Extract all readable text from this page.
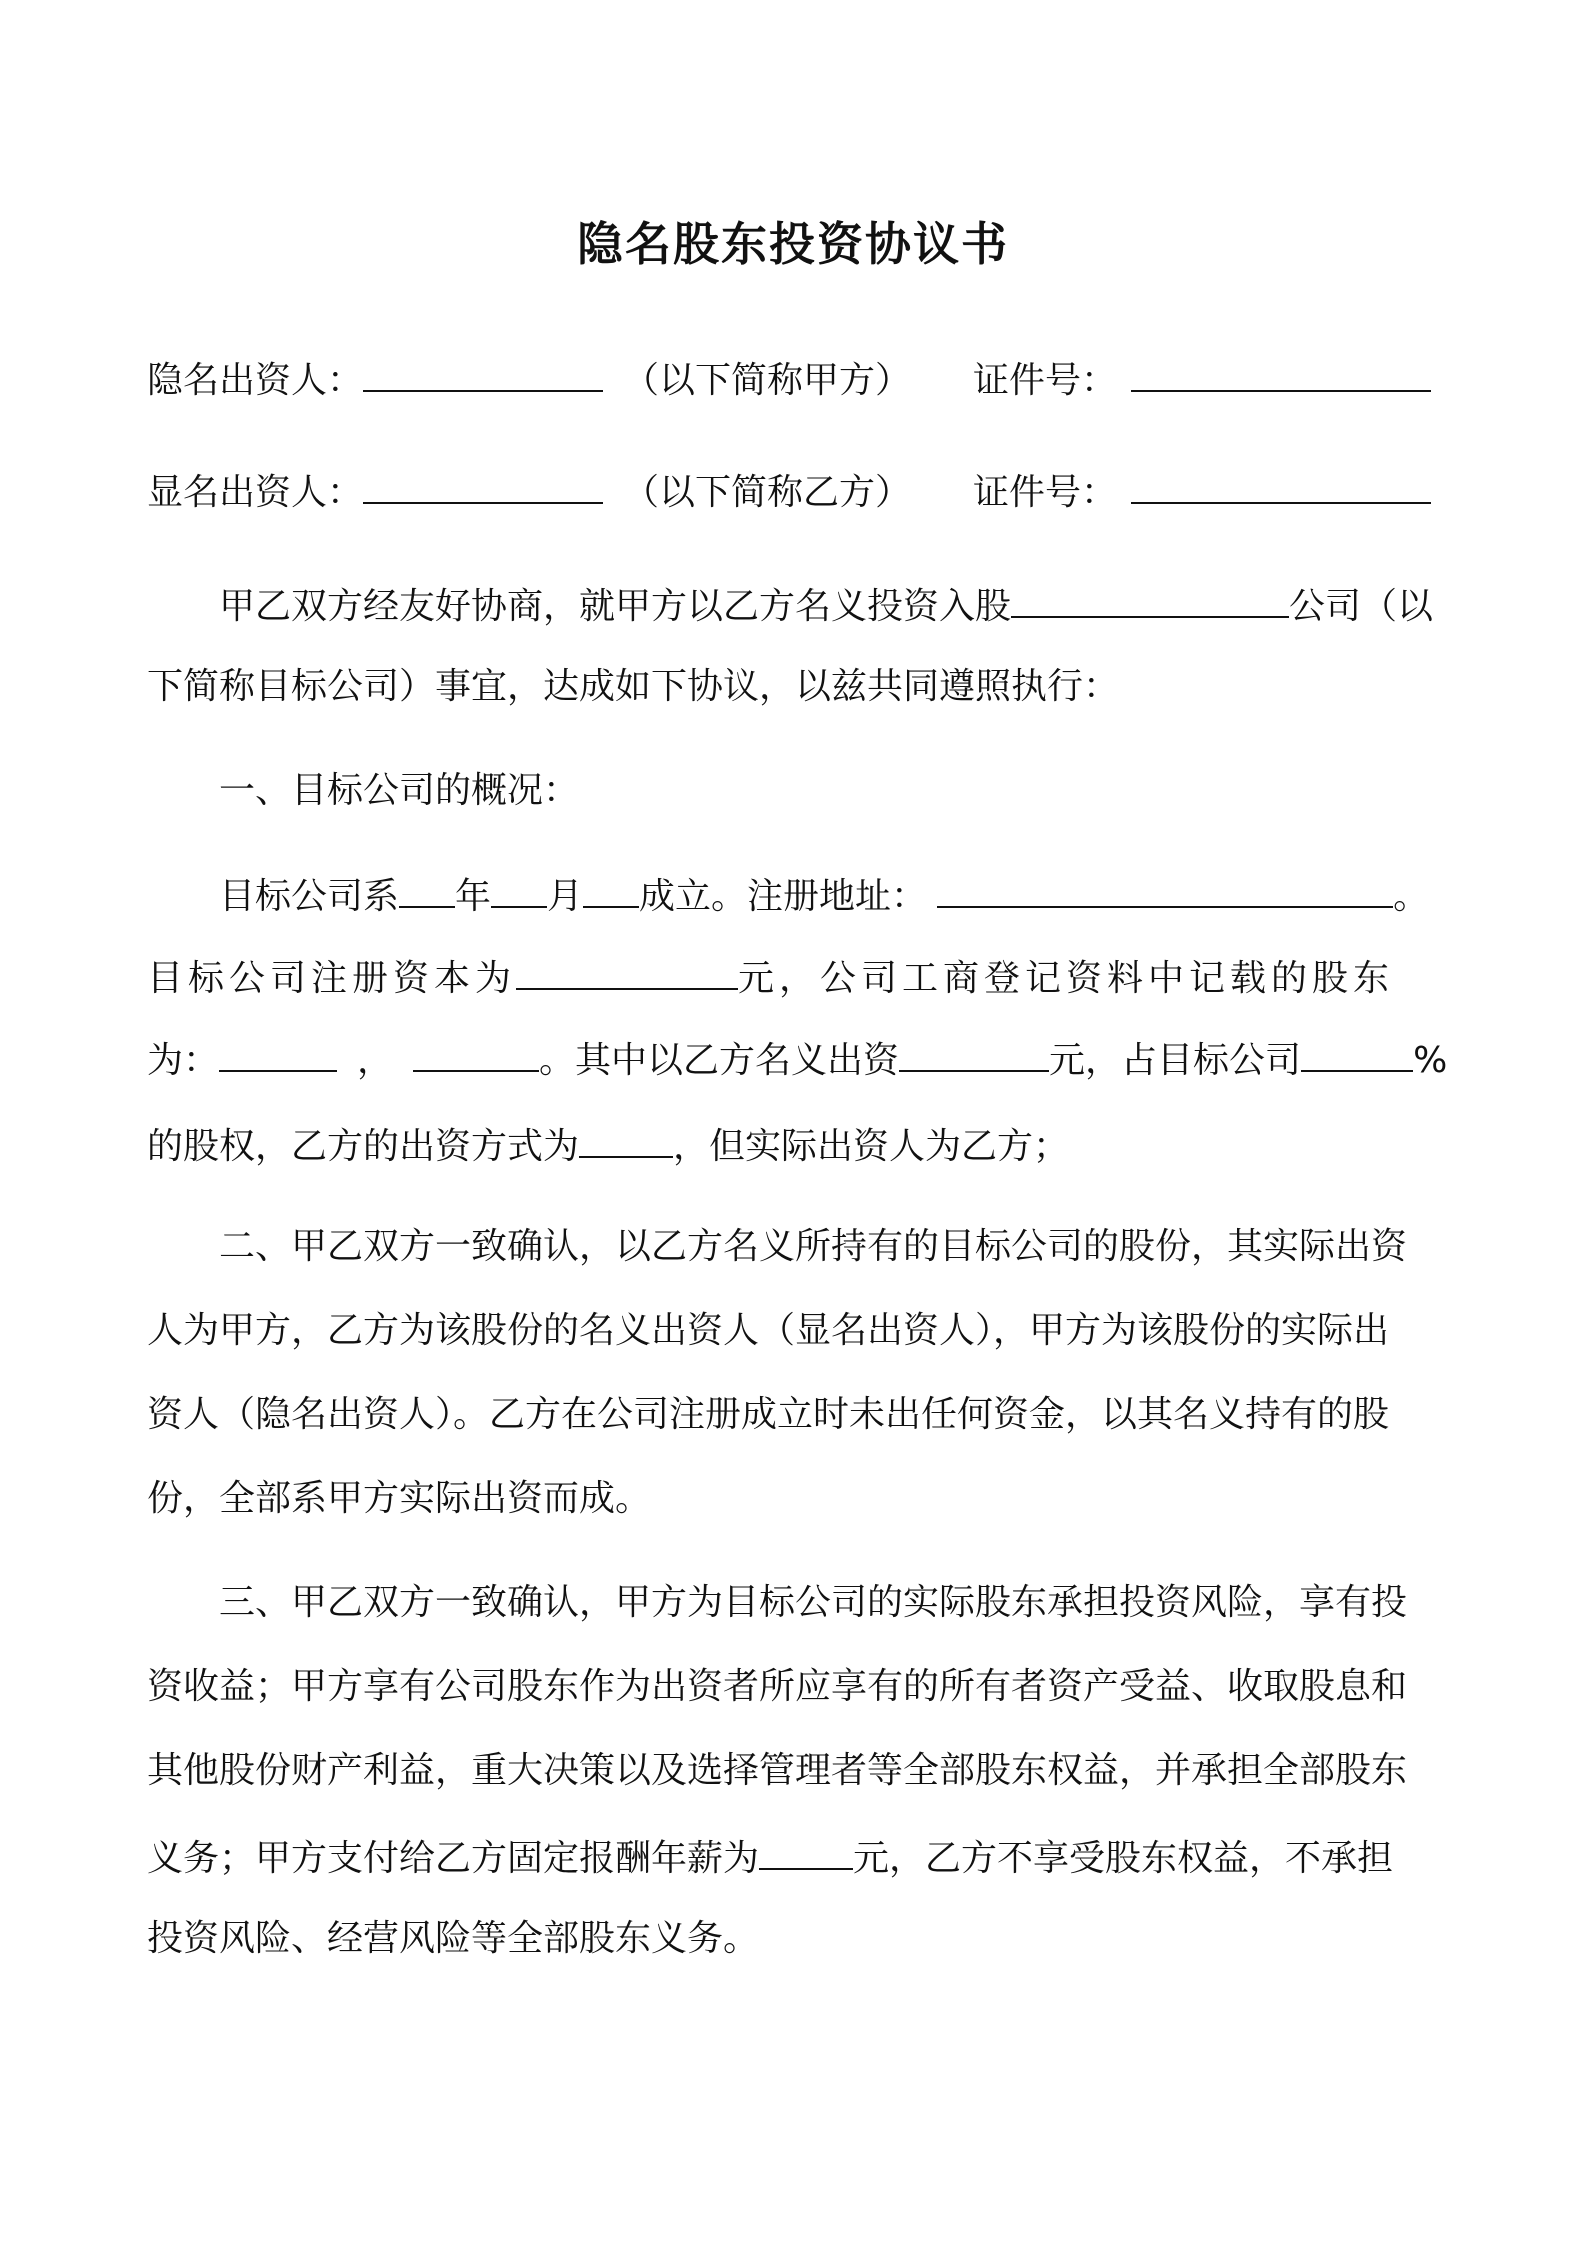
隐名股东投资协议书
隐名出资人：	（以下简称甲方） 证件号：
显名出资人：	（以下简称乙方） 证件号：
甲乙双方经友好协商，就甲方以乙方名义投资入股	公司（以
下简称目标公司）事宜，达成如下协议，以兹共同遵照执行：
一、目标公司的概况：
目标公司系 年 月 成立。注册地址：	。
目标公司注册资本为	元，公司工商登记资料中记载的股东
为：	，	。其中以乙方名义出资	元，占目标公司	%
的股权，乙方的出资方式为	，但实际出资人为乙方；
二、甲乙双方一致确认，以乙方名义所持有的目标公司的股份，其实际出资
人为甲方，乙方为该股份的名义出资人（显名出资人），甲方为该股份的实际出
资人（隐名出资人）。乙方在公司注册成立时未出任何资金，以其名义持有的股
份，全部系甲方实际出资而成。
三、甲乙双方一致确认，甲方为目标公司的实际股东承担投资风险，享有投
资收益；甲方享有公司股东作为出资者所应享有的所有者资产受益、收取股息和
其他股份财产利益，重大决策以及选择管理者等全部股东权益，并承担全部股东
义务；甲方支付给乙方固定报酬年薪为	元，乙方不享受股东权益，不承担
投资风险、经营风险等全部股东义务。
